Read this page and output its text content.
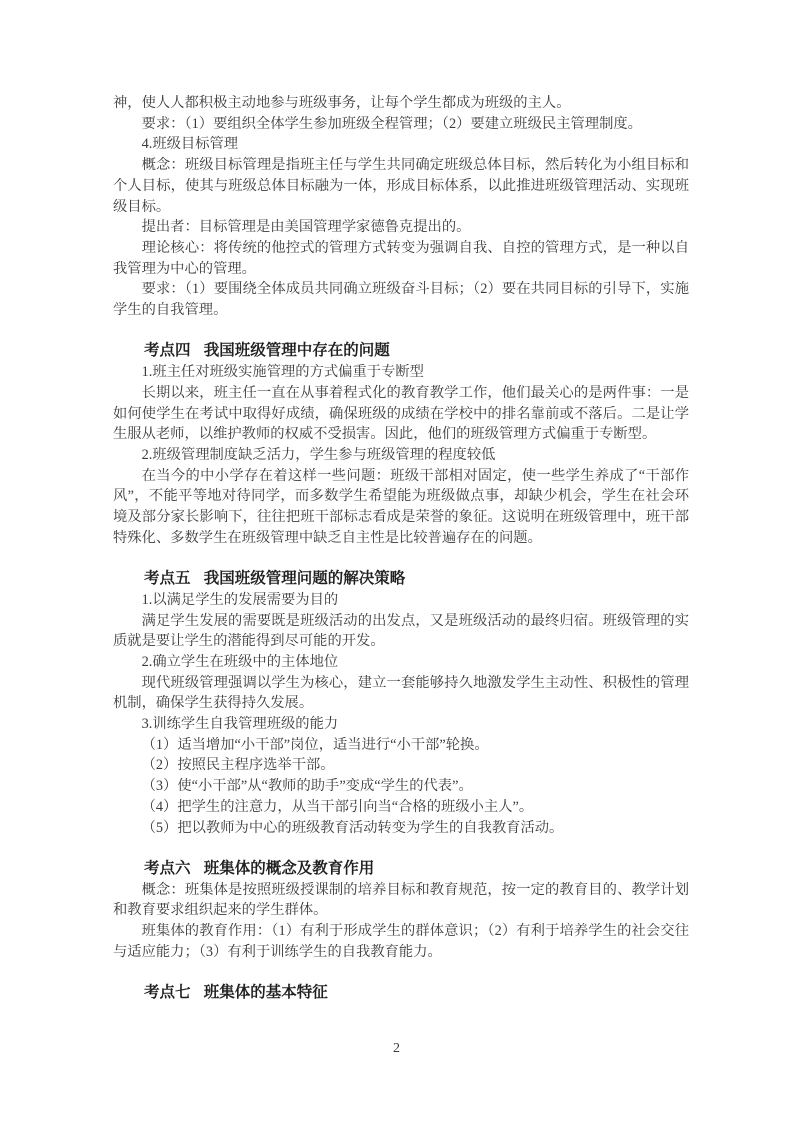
神，使人人都积极主动地参与班级事务，让每个学生都成为班级的主人。

要求：（1）要组织全体学生参加班级全程管理；（2）要建立班级民主管理制度。

4.班级目标管理

概念：班级目标管理是指班主任与学生共同确定班级总体目标，然后转化为小组目标和个人目标，使其与班级总体目标融为一体，形成目标体系，以此推进班级管理活动、实现班级目标。

提出者：目标管理是由美国管理学家德鲁克提出的。

理论核心：将传统的他控式的管理方式转变为强调自我、自控的管理方式，是一种以自我管理为中心的管理。

要求：（1）要围绕全体成员共同确立班级奋斗目标；（2）要在共同目标的引导下，实施学生的自我管理。

考点四 我国班级管理中存在的问题

1.班主任对班级实施管理的方式偏重于专断型

长期以来，班主任一直在从事着程式化的教育教学工作，他们最关心的是两件事：一是如何使学生在考试中取得好成绩，确保班级的成绩在学校中的排名靠前或不落后。二是让学生服从老师，以维护教师的权威不受损害。因此，他们的班级管理方式偏重于专断型。

2.班级管理制度缺乏活力，学生参与班级管理的程度较低

在当今的中小学存在着这样一些问题：班级干部相对固定，使一些学生养成了“干部作风”，不能平等地对待同学，而多数学生希望能为班级做点事，却缺少机会，学生在社会环境及部分家长影响下，往往把班干部标志看成是荣誉的象征。这说明在班级管理中，班干部特殊化、多数学生在班级管理中缺乏自主性是比较普遍存在的问题。

考点五 我国班级管理问题的解决策略

1.以满足学生的发展需要为目的

满足学生发展的需要既是班级活动的出发点，又是班级活动的最终归宿。班级管理的实质就是要让学生的潜能得到尽可能的开发。

2.确立学生在班级中的主体地位

现代班级管理强调以学生为核心，建立一套能够持久地激发学生主动性、积极性的管理机制，确保学生获得持久发展。

3.训练学生自我管理班级的能力

（1）适当增加“小干部”岗位，适当进行“小干部”轮换。

（2）按照民主程序选举干部。

（3）使“小干部”从“教师的助手”变成“学生的代表”。

（4）把学生的注意力，从当干部引向当“合格的班级小主人”。

（5）把以教师为中心的班级教育活动转变为学生的自我教育活动。

考点六 班集体的概念及教育作用

概念：班集体是按照班级授课制的培养目标和教育规范，按一定的教育目的、教学计划和教育要求组织起来的学生群体。

班集体的教育作用：（1）有利于形成学生的群体意识；（2）有利于培养学生的社会交往与适应能力；（3）有利于训练学生的自我教育能力。

考点七 班集体的基本特征
2
